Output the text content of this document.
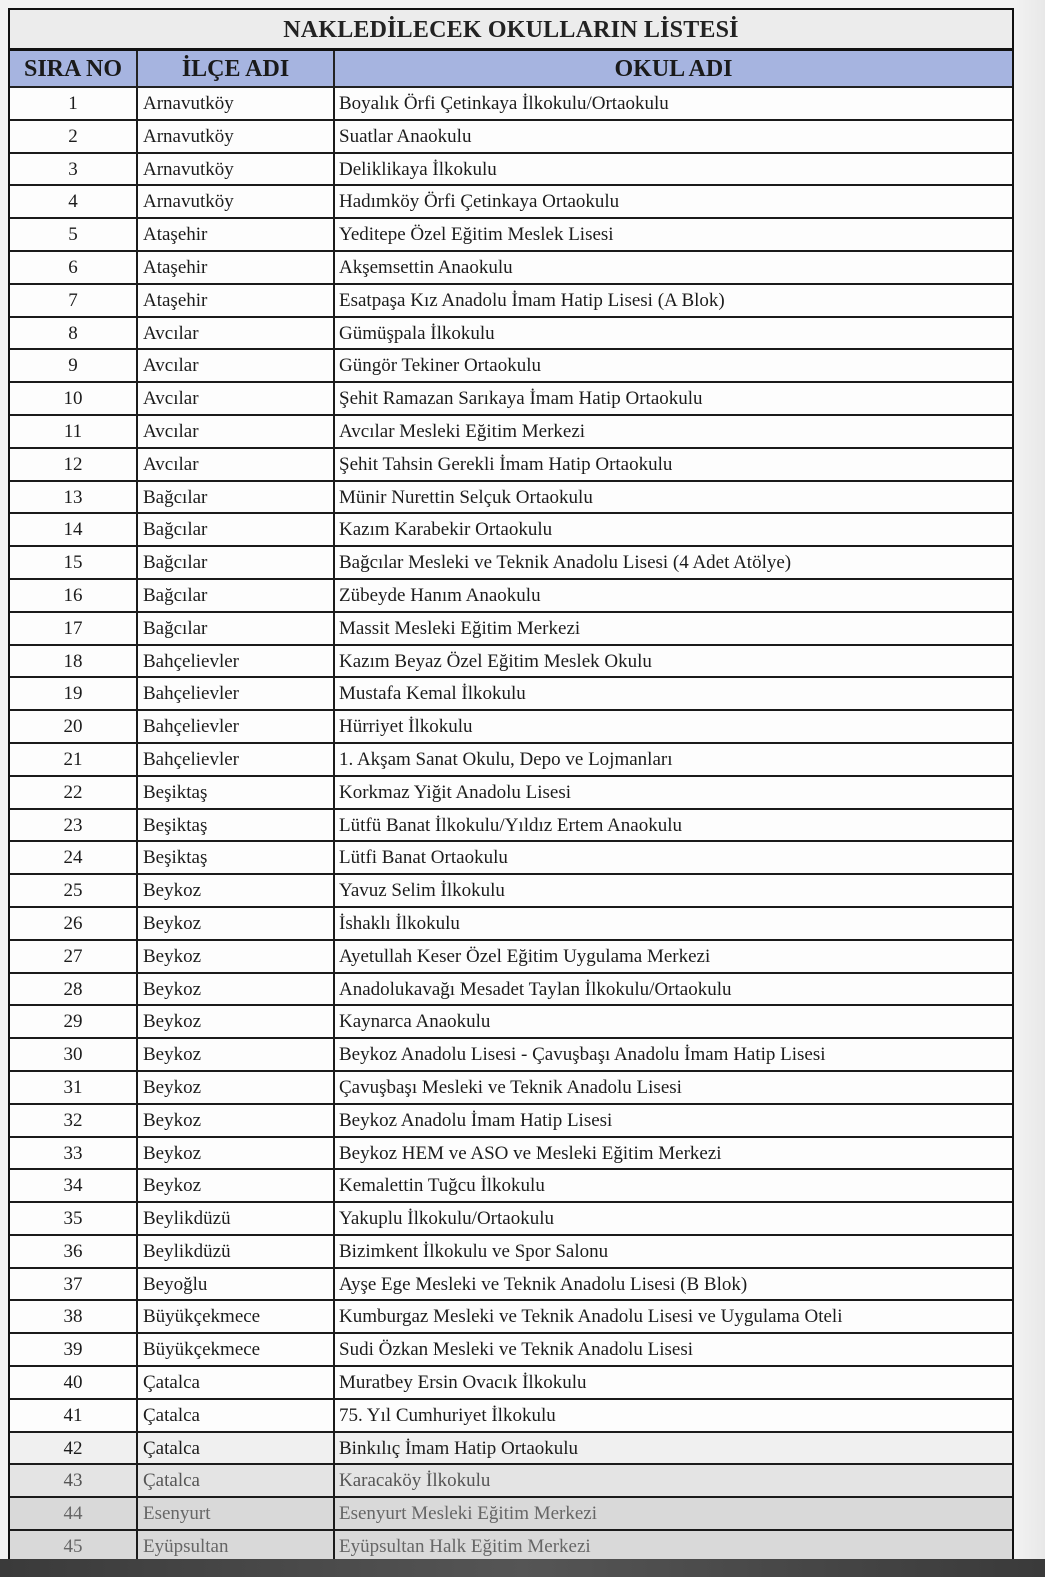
NAKLEDİLECEK OKULLARIN LİSTESİ
SIRA NO	İLÇE ADI	OKUL ADI
1	Arnavutköy	Boyalık Örfi Çetinkaya İlkokulu/Ortaokulu
2	Arnavutköy	Suatlar Anaokulu
3	Arnavutköy	Deliklikaya İlkokulu
4	Arnavutköy	Hadımköy Örfi Çetinkaya Ortaokulu
5	Ataşehir	Yeditepe Özel Eğitim Meslek Lisesi
6	Ataşehir	Akşemsettin Anaokulu
7	Ataşehir	Esatpaşa Kız Anadolu İmam Hatip Lisesi (A Blok)
8	Avcılar	Gümüşpala İlkokulu
9	Avcılar	Güngör Tekiner Ortaokulu
10	Avcılar	Şehit Ramazan Sarıkaya İmam Hatip Ortaokulu
11	Avcılar	Avcılar Mesleki Eğitim Merkezi
12	Avcılar	Şehit Tahsin Gerekli İmam Hatip Ortaokulu
13	Bağcılar	Münir Nurettin Selçuk Ortaokulu
14	Bağcılar	Kazım Karabekir Ortaokulu
15	Bağcılar	Bağcılar Mesleki ve Teknik Anadolu Lisesi (4 Adet Atölye)
16	Bağcılar	Zübeyde Hanım Anaokulu
17	Bağcılar	Massit Mesleki Eğitim Merkezi
18	Bahçelievler	Kazım Beyaz Özel Eğitim Meslek Okulu
19	Bahçelievler	Mustafa Kemal İlkokulu
20	Bahçelievler	Hürriyet İlkokulu
21	Bahçelievler	1. Akşam Sanat Okulu, Depo ve Lojmanları
22	Beşiktaş	Korkmaz Yiğit Anadolu Lisesi
23	Beşiktaş	Lütfü Banat İlkokulu/Yıldız Ertem Anaokulu
24	Beşiktaş	Lütfi Banat Ortaokulu
25	Beykoz	Yavuz Selim İlkokulu
26	Beykoz	İshaklı İlkokulu
27	Beykoz	Ayetullah Keser Özel Eğitim Uygulama Merkezi
28	Beykoz	Anadolukavağı Mesadet Taylan İlkokulu/Ortaokulu
29	Beykoz	Kaynarca Anaokulu
30	Beykoz	Beykoz Anadolu Lisesi - Çavuşbaşı Anadolu İmam Hatip Lisesi
31	Beykoz	Çavuşbaşı Mesleki ve Teknik Anadolu Lisesi
32	Beykoz	Beykoz Anadolu İmam Hatip Lisesi
33	Beykoz	Beykoz HEM ve ASO ve Mesleki Eğitim Merkezi
34	Beykoz	Kemalettin Tuğcu İlkokulu
35	Beylikdüzü	Yakuplu İlkokulu/Ortaokulu
36	Beylikdüzü	Bizimkent İlkokulu ve Spor Salonu
37	Beyoğlu	Ayşe Ege Mesleki ve Teknik Anadolu Lisesi (B Blok)
38	Büyükçekmece	Kumburgaz Mesleki ve Teknik Anadolu Lisesi ve Uygulama Oteli
39	Büyükçekmece	Sudi Özkan Mesleki ve Teknik Anadolu Lisesi
40	Çatalca	Muratbey Ersin Ovacık İlkokulu
41	Çatalca	75. Yıl Cumhuriyet İlkokulu
42	Çatalca	Binkılıç İmam Hatip Ortaokulu
43	Çatalca	Karacaköy İlkokulu
44	Esenyurt	Esenyurt Mesleki Eğitim Merkezi
45	Eyüpsultan	Eyüpsultan Halk Eğitim Merkezi
